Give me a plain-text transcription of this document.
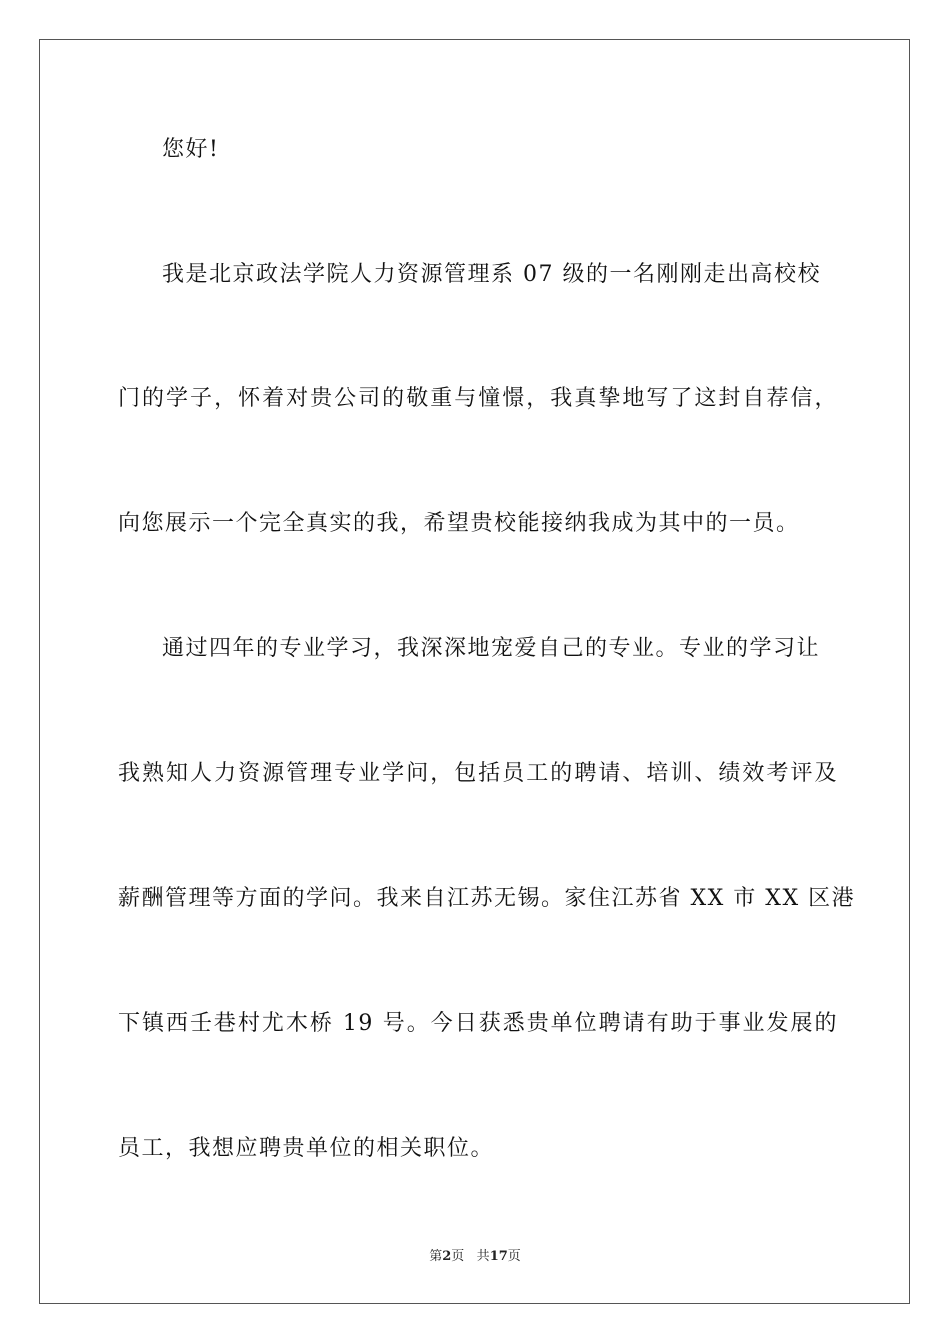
您好!
我是北京政法学院人力资源管理系 07 级的一名刚刚走出高校校
门的学子，怀着对贵公司的敬重与憧憬，我真挚地写了这封自荐信，
向您展示一个完全真实的我，希望贵校能接纳我成为其中的一员。
通过四年的专业学习，我深深地宠爱自己的专业。专业的学习让
我熟知人力资源管理专业学问，包括员工的聘请、培训、绩效考评及
薪酬管理等方面的学问。我来自江苏无锡。家住江苏省 XX 市 XX 区港
下镇西壬巷村尤木桥 19 号。今日获悉贵单位聘请有助于事业发展的
员工，我想应聘贵单位的相关职位。
第2页 共17页
